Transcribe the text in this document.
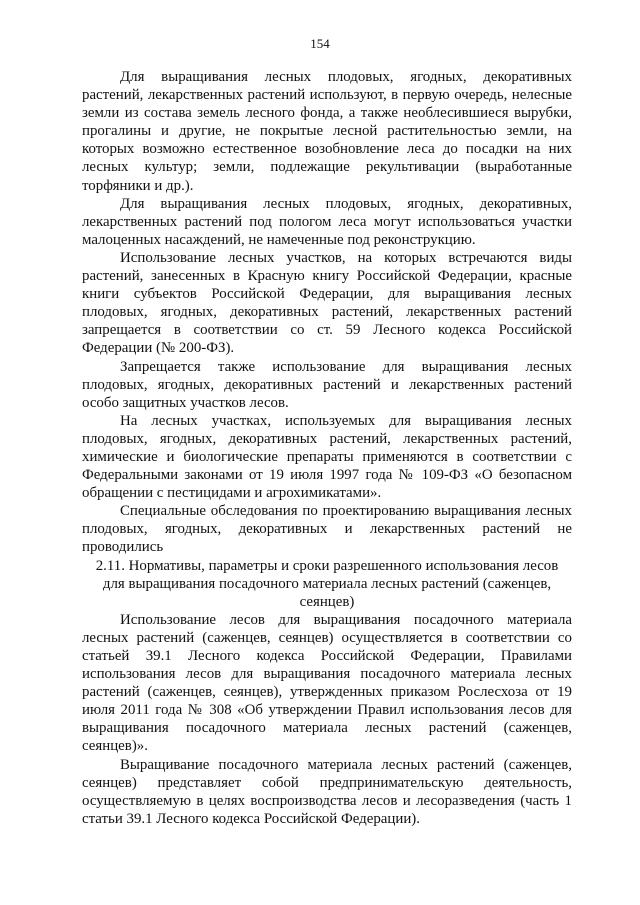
154

Для выращивания лесных плодовых, ягодных, декоративных растений, лекарственных растений используют, в первую очередь, нелесные земли из состава земель лесного фонда, а также необлесившиеся вырубки, прогалины и другие, не покрытые лесной растительностью земли, на которых возможно естественное возобновление леса до посадки на них лесных культур; земли, подлежащие рекультивации (выработанные торфяники и др.).

Для выращивания лесных плодовых, ягодных, декоративных, лекарственных растений под пологом леса могут использоваться участки малоценных насаждений, не намеченные под реконструкцию.

Использование лесных участков, на которых встречаются виды растений, занесенных в Красную книгу Российской Федерации, красные книги субъектов Российской Федерации, для выращивания лесных плодовых, ягодных, декоративных растений, лекарственных растений запрещается в соответствии со ст. 59 Лесного кодекса Российской Федерации (№ 200-ФЗ).

Запрещается также использование для выращивания лесных плодовых, ягодных, декоративных растений и лекарственных растений особо защитных участков лесов.

На лесных участках, используемых для выращивания лесных плодовых, ягодных, декоративных растений, лекарственных растений, химические и биологические препараты применяются в соответствии с Федеральными законами от 19 июля 1997 года № 109-ФЗ «О безопасном обращении с пестицидами и агрохимикатами».

Специальные обследования по проектированию выращивания лесных плодовых, ягодных, декоративных и лекарственных растений не проводились

2.11. Нормативы, параметры и сроки разрешенного использования лесов
для выращивания посадочного материала лесных растений (саженцев,
сеянцев)

Использование лесов для выращивания посадочного материала лесных растений (саженцев, сеянцев) осуществляется в соответствии со статьей 39.1 Лесного кодекса Российской Федерации, Правилами использования лесов для выращивания посадочного материала лесных растений (саженцев, сеянцев), утвержденных приказом Рослесхоза от 19 июля 2011 года № 308 «Об утверждении Правил использования лесов для выращивания посадочного материала лесных растений (саженцев, сеянцев)».

Выращивание посадочного материала лесных растений (саженцев, сеянцев) представляет собой предпринимательскую деятельность, осуществляемую в целях воспроизводства лесов и лесоразведения (часть 1 статьи 39.1 Лесного кодекса Российской Федерации).
